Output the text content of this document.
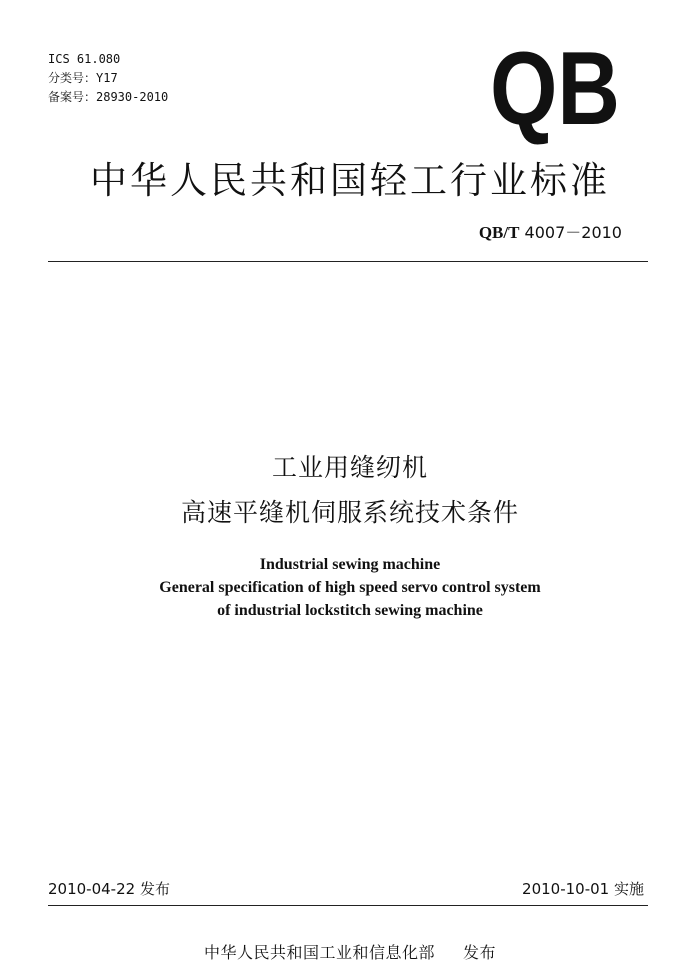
ICS 61.080
分类号：Y17
备案号：28930-2010	QB
中华人民共和国轻工行业标准
QB/T 4007－2010
工业用缝纫机
高速平缝机伺服系统技术条件
Industrial sewing machine
General specification of high speed servo control system
of industrial lockstitch sewing machine
2010-04-22 发布	2010-10-01 实施
中华人民共和国工业和信息化部 发布
